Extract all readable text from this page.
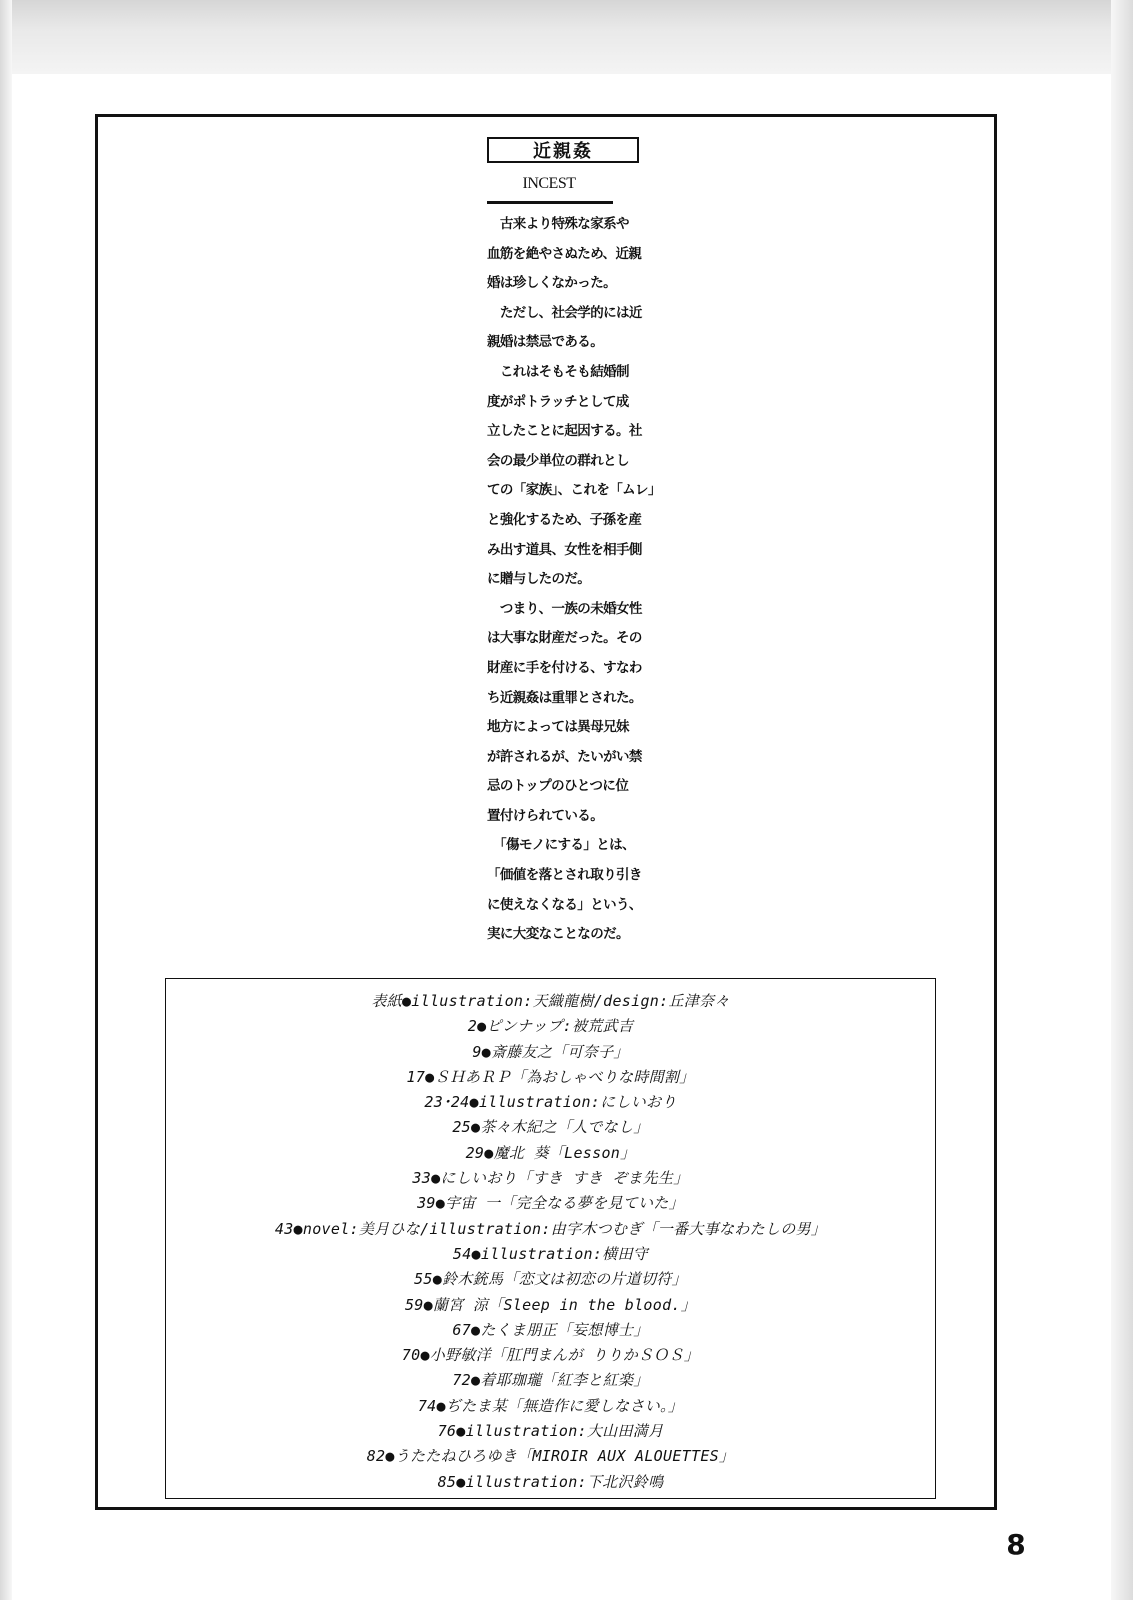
近親姦
INCEST
　古来より特殊な家系や
血筋を絶やさぬため、近親
婚は珍しくなかった。
　ただし、社会学的には近
親婚は禁忌である。
　これはそもそも結婚制
度がポトラッチとして成
立したことに起因する。社
会の最少単位の群れとし
ての「家族」、これを「ムレ」
と強化するため、子孫を産
み出す道具、女性を相手側
に贈与したのだ。
　つまり、一族の未婚女性
は大事な財産だった。その
財産に手を付ける、すなわ
ち近親姦は重罪とされた。
地方によっては異母兄妹
が許されるが、たいがい禁
忌のトップのひとつに位
置付けられている。
　「傷モノにする」とは、
「価値を落とされ取り引き
に使えなくなる」という、
実に大変なことなのだ。
表紙●illustration:天織龍樹/design:丘津奈々
2●ピンナップ:被荒武吉
9●斎藤友之「可奈子」
17●ＳＨあＲＰ「為おしゃべりな時間割」
23･24●illustration:にしいおり
25●茶々木紀之「人でなし」
29●魔北 葵「Lesson」
33●にしいおり「すき すき ぞま先生」
39●宇宙 一「完全なる夢を見ていた」
43●novel:美月ひな/illustration:由字木つむぎ「一番大事なわたしの男」
54●illustration:横田守
55●鈴木銃馬「恋文は初恋の片道切符」
59●蘭宮 涼「Sleep in the blood.」
67●たくま朋正「妄想博士」
70●小野敏洋「肛門まんが りりかＳＯＳ」
72●着耶珈瓏「紅李と紅楽」
74●ぢたま某「無造作に愛しなさい。」
76●illustration:大山田満月
82●うたたねひろゆき「MIROIR AUX ALOUETTES」
85●illustration:下北沢鈴鳴
8
